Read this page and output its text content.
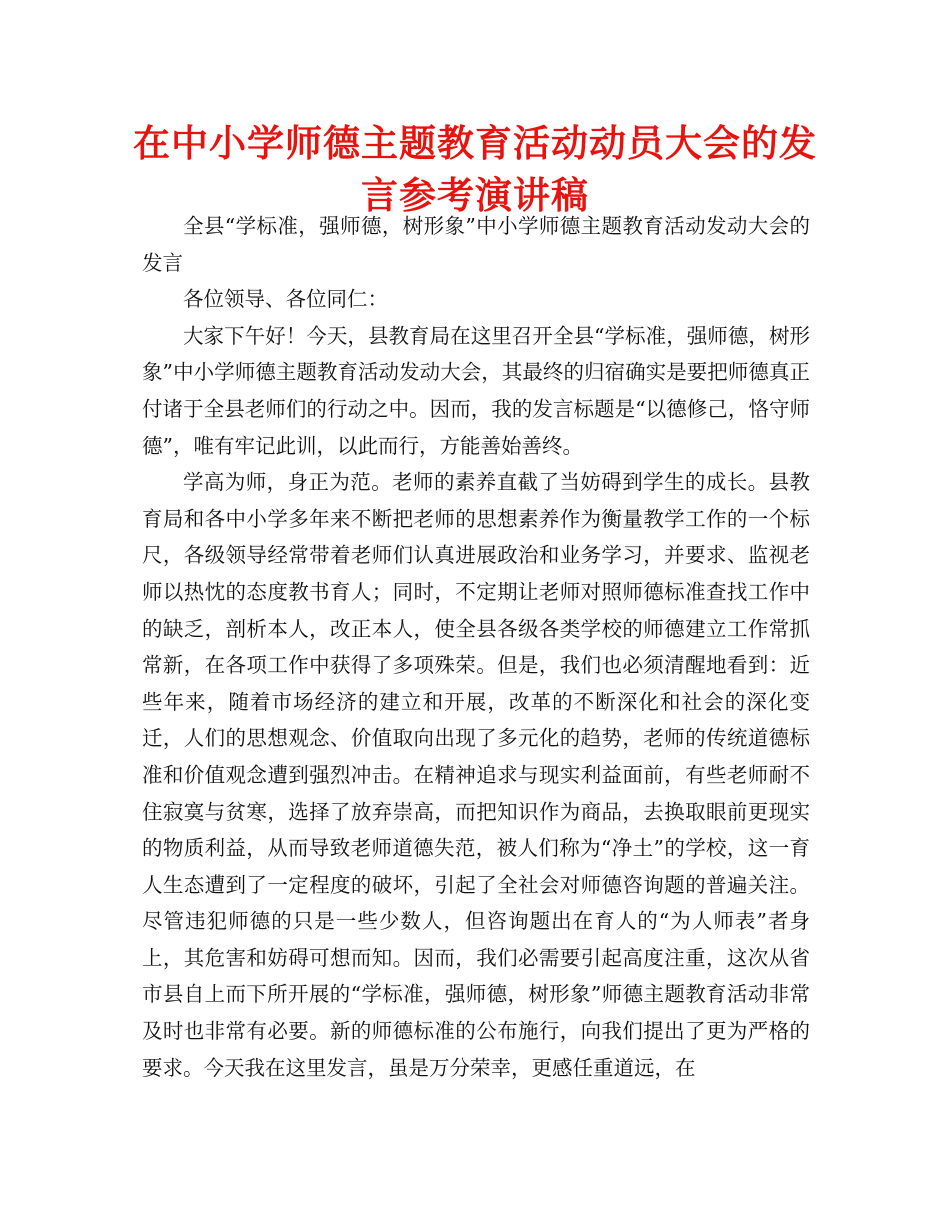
在中小学师德主题教育活动动员大会的发言参考演讲稿

全县“学标准，强师德，树形象”中小学师德主题教育活动发动大会的发言

各位领导、各位同仁：

大家下午好！今天，县教育局在这里召开全县“学标准，强师德，树形象”中小学师德主题教育活动发动大会，其最终的归宿确实是要把师德真正付诸于全县老师们的行动之中。因而，我的发言标题是“以德修己，恪守师德”，唯有牢记此训，以此而行，方能善始善终。

学高为师，身正为范。老师的素养直截了当妨碍到学生的成长。县教育局和各中小学多年来不断把老师的思想素养作为衡量教学工作的一个标尺，各级领导经常带着老师们认真进展政治和业务学习，并要求、监视老师以热忱的态度教书育人；同时，不定期让老师对照师德标准查找工作中的缺乏，剖析本人，改正本人，使全县各级各类学校的师德建立工作常抓常新，在各项工作中获得了多项殊荣。但是，我们也必须清醒地看到：近些年来，随着市场经济的建立和开展，改革的不断深化和社会的深化变迁，人们的思想观念、价值取向出现了多元化的趋势，老师的传统道德标准和价值观念遭到强烈冲击。在精神追求与现实利益面前，有些老师耐不住寂寞与贫寒，选择了放弃崇高，而把知识作为商品，去换取眼前更现实的物质利益，从而导致老师道德失范，被人们称为“净土”的学校，这一育人生态遭到了一定程度的破坏，引起了全社会对师德咨询题的普遍关注。尽管违犯师德的只是一些少数人，但咨询题出在育人的“为人师表”者身上，其危害和妨碍可想而知。因而，我们必需要引起高度注重，这次从省市县自上而下所开展的“学标准，强师德，树形象”师德主题教育活动非常及时也非常有必要。新的师德标准的公布施行，向我们提出了更为严格的要求。今天我在这里发言，虽是万分荣幸，更感任重道远，在
